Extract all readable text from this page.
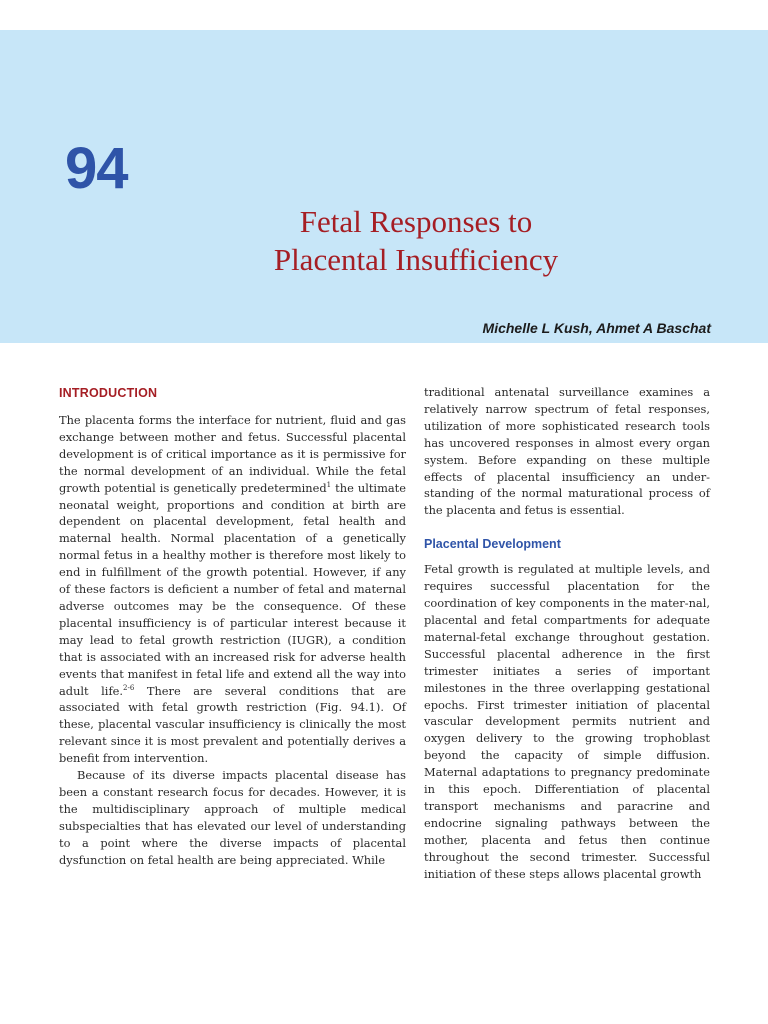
94
Fetal Responses to
Placental Insufficiency
Michelle L Kush, Ahmet A Baschat
INTRODUCTION

The placenta forms the interface for nutrient, fluid and gas exchange between mother and fetus. Successful placental development is of critical importance as it is permissive for the normal development of an individual. While the fetal growth potential is genetically predetermined$^1$ the ultimate neonatal weight, proportions and condition at birth are dependent on placental development, fetal health and maternal health. Normal placentation of a genetically normal fetus in a healthy mother is therefore most likely to end in fulfillment of the growth potential. However, if any of these factors is deficient a number of fetal and maternal adverse outcomes may be the consequence. Of these placental insufficiency is of particular interest because it may lead to fetal growth restriction (IUGR), a condition that is associated with an increased risk for adverse health events that manifest in fetal life and extend all the way into adult life.$^{2-6}$ There are several conditions that are associated with fetal growth restriction (Fig. 94.1). Of these, placental vascular insufficiency is clinically the most relevant since it is most prevalent and potentially derives a benefit from intervention.

Because of its diverse impacts placental disease has been a constant research focus for decades. However, it is the multidisciplinary approach of multiple medical subspecialties that has elevated our level of understanding to a point where the diverse impacts of placental dysfunction on fetal health are being appreciated. While

traditional antenatal surveillance examines a relatively narrow spectrum of fetal responses, utilization of more sophisticated research tools has uncovered responses in almost every organ system. Before expanding on these multiple effects of placental insufficiency an under-standing of the normal maturational process of the placenta and fetus is essential.

Placental Development

Fetal growth is regulated at multiple levels, and requires successful placentation for the coordination of key components in the mater-nal, placental and fetal compartments for adequate maternal-fetal exchange throughout gestation. Successful placental adherence in the first trimester initiates a series of important milestones in the three overlapping gestational epochs. First trimester initiation of placental vascular development permits nutrient and oxygen delivery to the growing trophoblast beyond the capacity of simple diffusion. Maternal adaptations to pregnancy predominate in this epoch. Differentiation of placental transport mechanisms and paracrine and endocrine signaling pathways between the mother, placenta and fetus then continue throughout the second trimester. Successful initiation of these steps allows placental growth
